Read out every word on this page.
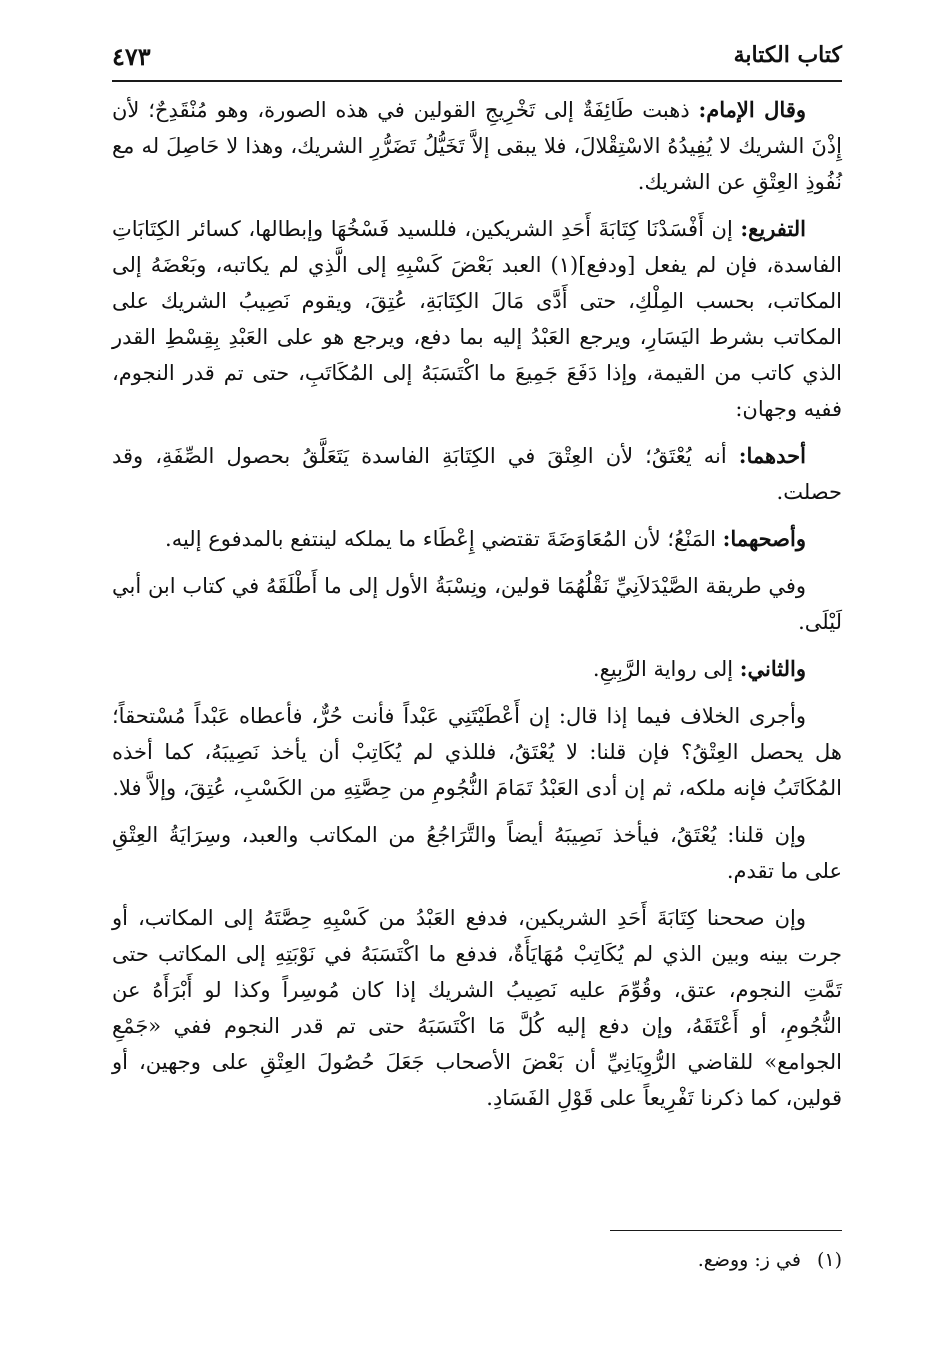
كتاب الكتابة
٤٧٣

وقال الإمام: ذهبت طَائِفَةٌ إلى تَخْرِيجِ القولين في هذه الصورة، وهو مُنْقَدِحٌ؛ لأن إِذْنَ الشريك لا يُفِيدُهُ الاسْتِقْلالَ، فلا يبقى إلاَّ تَخَيُّلُ تَضَرُّرِ الشريك، وهذا لا حَاصِلَ له مع نُفُوذِ العِتْقِ عن الشريك.

التفريع: إن أَفْسَدْنَا كِتَابَةَ أَحَدِ الشريكين، فللسيد فَسْخُهَا وإبطالها، كسائر الكِتَابَاتِ الفاسدة، فإن لم يفعل [ودفع](١) العبد بَعْضَ كَسْبِهِ إلى الَّذِي لم يكاتبه، وبَعْضَهُ إلى المكاتب، بحسب المِلْكِ، حتى أَدَّى مَالَ الكِتَابَةِ، عُتِقَ، ويقوم نَصِيبُ الشريك على المكاتب بشرط اليَسَارِ، ويرجع العَبْدُ إليه بما دفع، ويرجع هو على العَبْدِ بِقِسْطِ القدر الذي كاتب من القيمة، وإذا دَفَعَ جَمِيعَ ما اكْتَسَبَهُ إلى المُكَاتَبِ، حتى تم قدر النجوم، ففيه وجهان:

أحدهما: أنه يُعْتَقُ؛ لأن العِتْقَ في الكِتَابَةِ الفاسدة يَتَعَلَّقُ بحصول الصِّفَةِ، وقد حصلت.

وأصحهما: المَنْعُ؛ لأن المُعَاوَضَةَ تقتضي إِعْطَاء ما يملكه لينتفع بالمدفوع إليه.

وفي طريقة الصَّيْدَلاَنِيِّ نَقْلُهُمَا قولين، ونِسْبَةُ الأول إلى ما أَطْلَقَهُ في كتاب ابن أبي لَيْلَى.

والثاني: إلى رواية الرَّبِيعِ.

وأجرى الخلاف فيما إذا قال: إن أَعْطَيْتَنِي عَبْداً فأنت حُرٌّ، فأعطاه عَبْداً مُسْتحقاً؛ هل يحصل العِتْقُ؟ فإن قلنا: لا يُعْتَقُ، فللذي لم يُكَاتِبْ أن يأخذ نَصِيبَهُ، كما أخذه المُكَاتَبُ فإنه ملكه، ثم إن أدى العَبْدُ تَمَامَ النُّجُومِ من حِصَّتِهِ من الكَسْبِ، عُتِقَ، وإلاَّ فلا.

وإن قلنا: يُعْتَقُ، فيأخذ نَصِيبَهُ أيضاً والتَّرَاجُعُ من المكاتب والعبد، وسِرَايَةُ العِتْقِ على ما تقدم.

وإن صححنا كِتَابَةَ أَحَدِ الشريكين، فدفع العَبْدُ من كَسْبِهِ حِصَّتَهُ إلى المكاتب، أو جرت بينه وبين الذي لم يُكَاتِبْ مُهَايَأَةٌ، فدفع ما اكْتَسَبَهُ في نَوْبَتِهِ إلى المكاتب حتى تَمَّتِ النجوم، عتق، وقُوِّمَ عليه نَصِيبُ الشريك إذا كان مُوسِراً وكذا لو أَبْرَأَهُ عن النُّجُومِ، أو أَعْتَقَهُ، وإن دفع إليه كُلَّ مَا اكْتَسَبَهُ حتى تم قدر النجوم ففي «جَمْعِ الجوامع» للقاضي الرُّوِيَانِيِّ أن بَعْضَ الأصحاب جَعَلَ حُصُولَ العِتْقِ على وجهين، أو قولين، كما ذكرنا تَفْرِيعاً على قَوْلِ الفَسَادِ.

(١)في ز: ووضع.
